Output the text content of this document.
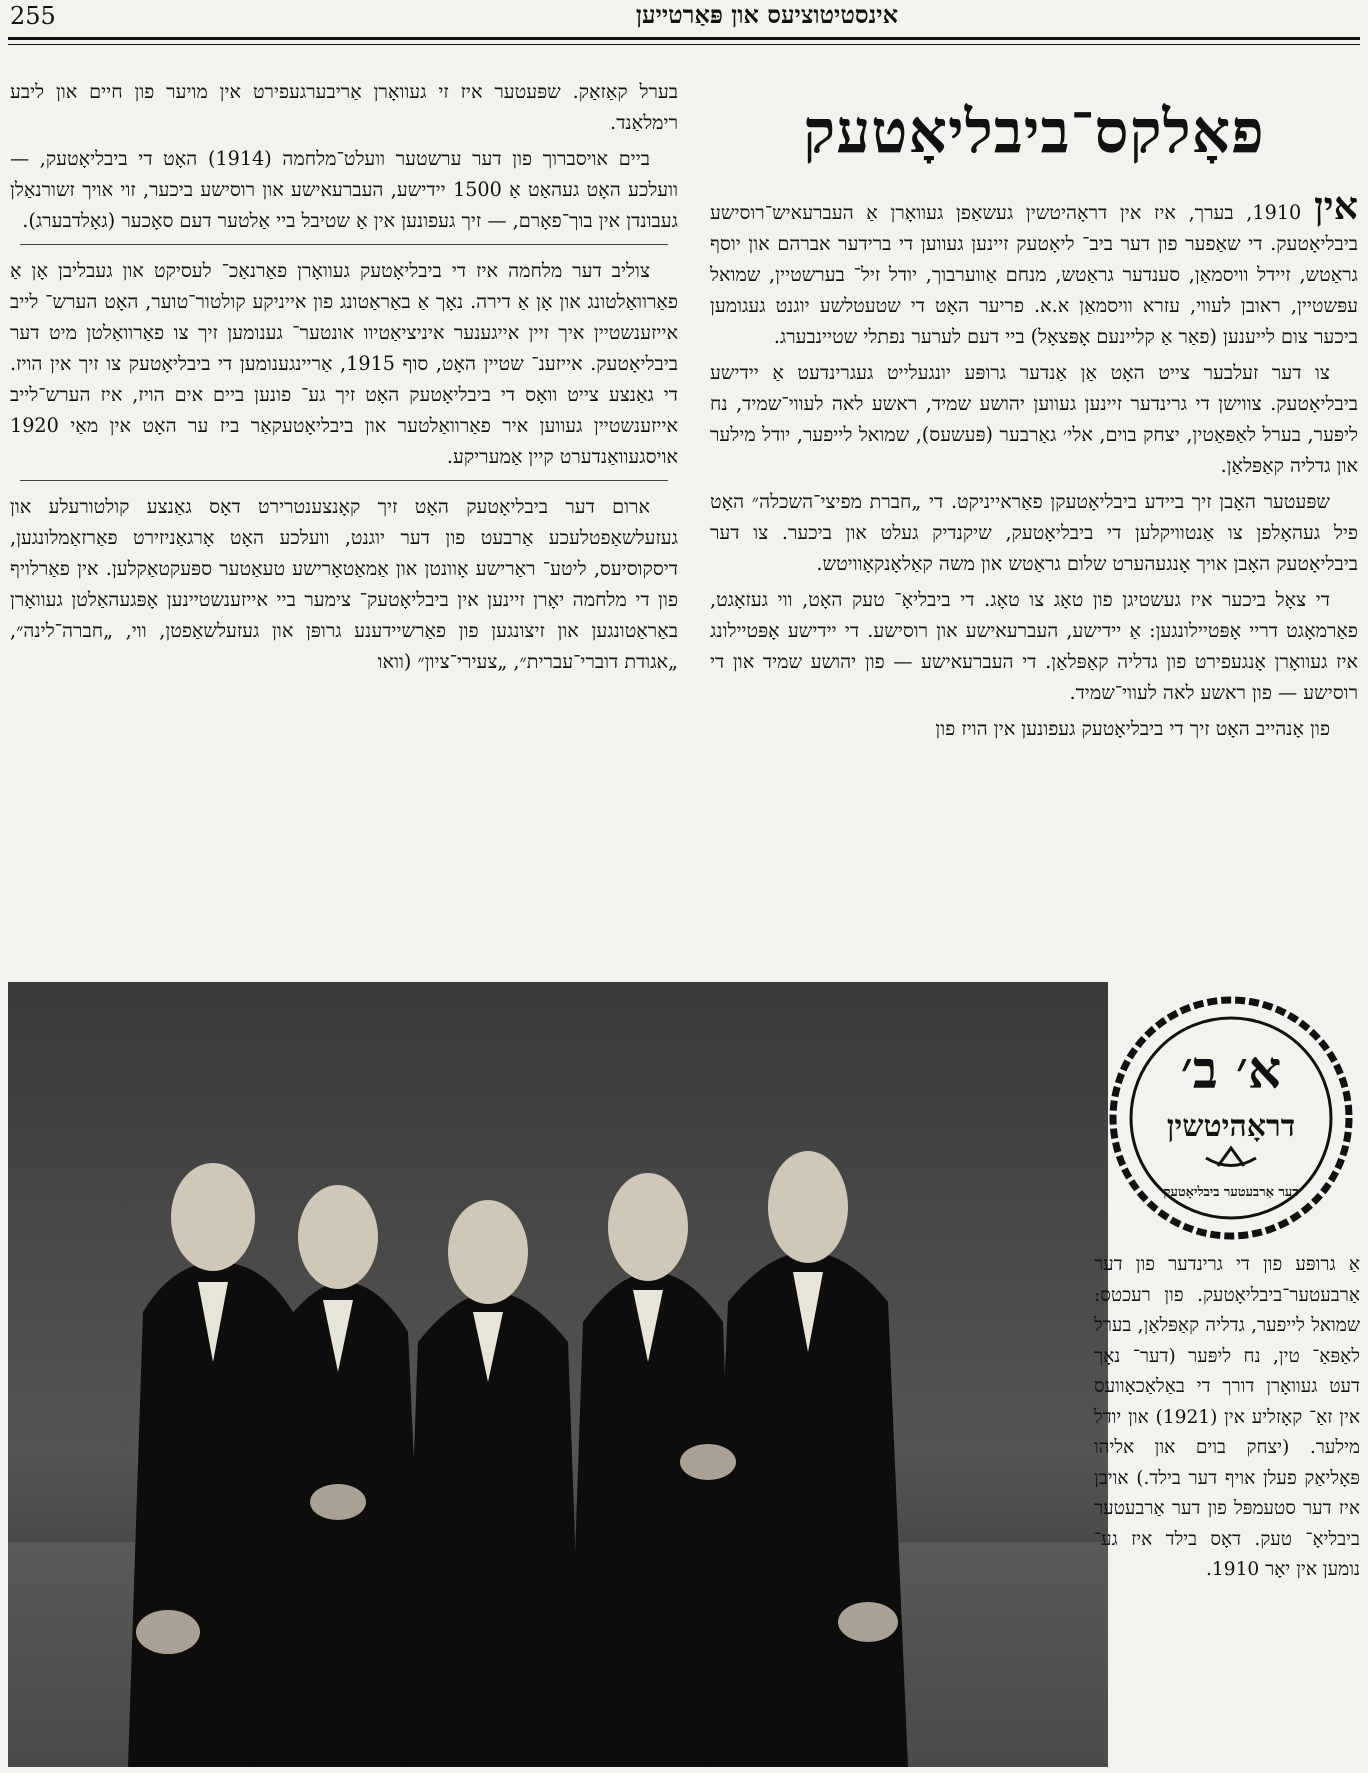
255	אינסטיטוציעס און פּאַרטייען
פאָלקס־ביבליאָטעק

אין 1910, בערך, איז אין דראָהיטשין געשאַפן געוואָרן אַ העברעאיש־רוסישע ביבליאָטעק. די שאַפער פון דער ביב־ ליאָטעק זיינען געווען די ברידער אברהם און יוסף גראַטש, זיידל וויסמאַן, סענדער גראַטש, מנחם אַווערבוך, יודל זיל־ בערשטיין, שמואל עפּשטיין, ראובן לעווי, עזרא וויסמאַן א.א. פריער האָט די שטעטלשע יוגנט געגומען ביכער צום לייענען (פאַר אַ קליינעם אָפּצאָל) ביי דעם לערער נפתלי שטיינבערג.

צו דער זעלבער צייט האָט אַן אַנדער גרופּע יונגעלייט געגרינדעט אַ יידישע ביבליאָטעק. צווישן די גרינדער זיינען געווען יהושע שמיד, ראשע לאה לעווי־שמיד, נח ליפּער, בערל לאַפּאַטין, יצחק בוים, אלי׳ גאַרבער (פּעשעס), שמואל לייפער, יודל מילער און גדליה קאַפּלאַן.

שפּעטער האָבן זיך ביידע ביבליאָטעקן פאַראייניקט. די „חברת מפיצי־השכלה״ האָט פיל געהאָלפן צו אַנטוויקלען די ביבליאָטעק, שיקנדיק געלט און ביכער. צו דער ביבליאָטעק האָבן אויך אָנגעהערט שלום גראַטש און משה קאַלאָנקאָוויטש.

די צאָל ביכער איז געשטיגן פון טאָג צו טאָג. די ביבליאָ־ טעק האָט, ווי געזאָגט, פאַרמאָגט דריי אָפּטיילונגען: אַ יידישע, העברעאישע און רוסישע. די יידישע אָפּטיילונג איז געוואָרן אָנגעפירט פון גדליה קאַפּלאַן. די העברעאישע — פון יהושע שמיד און די רוסישע — פון ראשע לאה לעווי־שמיד.

פון אָנהייב האָט זיך די ביבליאָטעק געפונען אין הויז פון

בערל קאַזאַק. שפּעטער איז זי געוואָרן אַריבערגעפירט אין מויער פון חיים און ליבע רימלאַנד.

ביים אויסברוך פון דער ערשטער וועלט־מלחמה (1914) האָט די ביבליאָטעק, — וועלכע האָט געהאַט אַ 1500 יידישע, העברעאישע און רוסישע ביכער, זוי אויך זשורנאַלן געבונדן אין בוך־פאָרם, — זיך געפונען אין אַ שטיבל ביי אַלטער דעם סאָכער (גאָלדבערג).

צוליב דער מלחמה איז די ביבליאָטעק געוואָרן פאַרנאַכ־ לעסיקט און געבליבן אָן אַ פאַרוואַלטונג און אָן אַ דירה. נאָך אַ באַראַטונג פון אייניקע קולטור־טוער, האָט הערש־ לייב אייזענשטיין איך זיין אייגענער איניציאַטיוו אונטער־ גענומען זיך צו פאַרוואַלטן מיט דער ביבליאָטעק. אייזענ־ שטיין האָט, סוף 1915, אַריינגענומען די ביבליאָטעק צו זיך אין הויז. די גאַנצע צייט וואָס די ביבליאָטעק האָט זיך גע־ פונען ביים אים הויז, איז הערש־לייב אייזענשטיין געווען איר פאַרוואַלטער און ביבליאָטעקאַר ביז ער האָט אין מאַי 1920 אויסגעוואַנדערט קיין אַמעריקע.

ארום דער ביבליאָטעק האָט זיך קאָנצענטרירט דאָס גאַנצע קולטורעלע און געזעלשאַפטלעכע אַרבעט פון דער יוגנט, וועלכע האָט אָרגאַניזירט פאַרזאַמלונגען, דיסקוסיעס, ליטע־ ראַרישע אָוונטן און אַמאַטאָרישע טעאַטער ספּעקטאַקלען. אין פאַרלויף פון די מלחמה יאָרן זיינען אין ביבליאָטעק־ צימער ביי אייזענשטיינען אָפּגעהאַלטן געוואָרן באַראַטונגען און זיצונגען פון פאַרשיידענע גרופּן און געזעלשאַפטן, ווי, „חברה־לינה״, „אגודת דוברי־עברית״, „צעירי־ציון״ (וואו

א׳ ב׳
דראָהיטשין
דער אַרבעטער ביבליאָטעק
אַ גרופּע פון די גרינדער פון דער אַרבעטער־ביבליאָטעק. פון רעכטס: שמואל לייפער, גדליה קאַפּלאַן, בערל לאַפּאַ־ טין, נח ליפּער (דער־ נאָך דעט געוואָרן דורך די באַלאַכאָוועס אין זאַ־ קאָזליע אין (1921) און יודל מילער. (יצחק בוים און אליהו פּאָליאַק פעלן אויף דער בילד.) אויבן איז דער סטעמפּל פון דער אַרבעטער ביבליאָ־ טעק. דאָס בילד איז גע־ נומען אין יאָר 1910.
